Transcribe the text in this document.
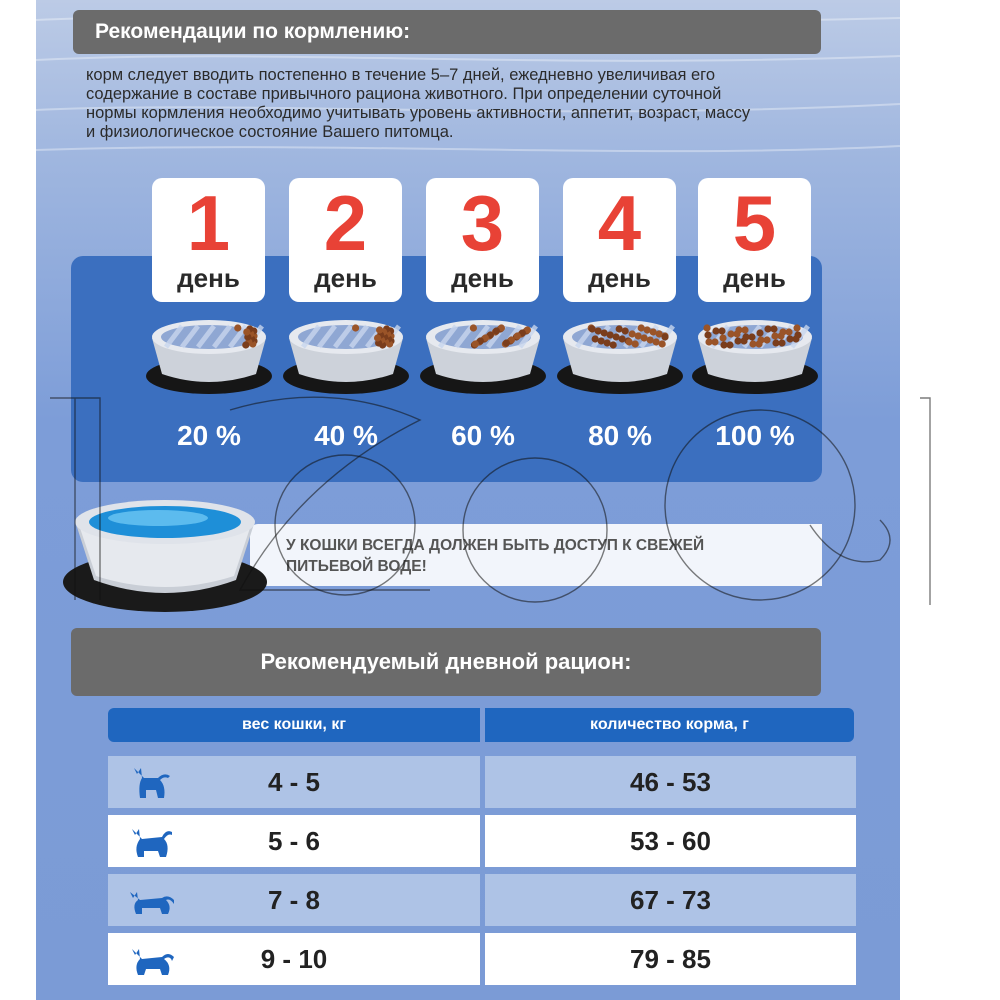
Рекомендации по кормлению:
корм следует вводить постепенно в течение 5–7 дней, ежедневно увеличивая его
содержание в составе привычного рациона животного. При определении суточной
нормы кормления необходимо учитывать уровень активности, аппетит, возраст, массу
и физиологическое состояние Вашего питомца.
1
день
2
день
3
день
4
день
5
день
20 %	40 %	60 %	80 %	100 %
У КОШКИ ВСЕГДА ДОЛЖЕН БЫТЬ ДОСТУП К СВЕЖЕЙ ПИТЬЕВОЙ ВОДЕ!
Рекомендуемый дневной рацион:
вес кошки, кг	количество корма, г
4 - 5	46 - 53
5 - 6	53 - 60
7 - 8	67 - 73
9 - 10	79 - 85
